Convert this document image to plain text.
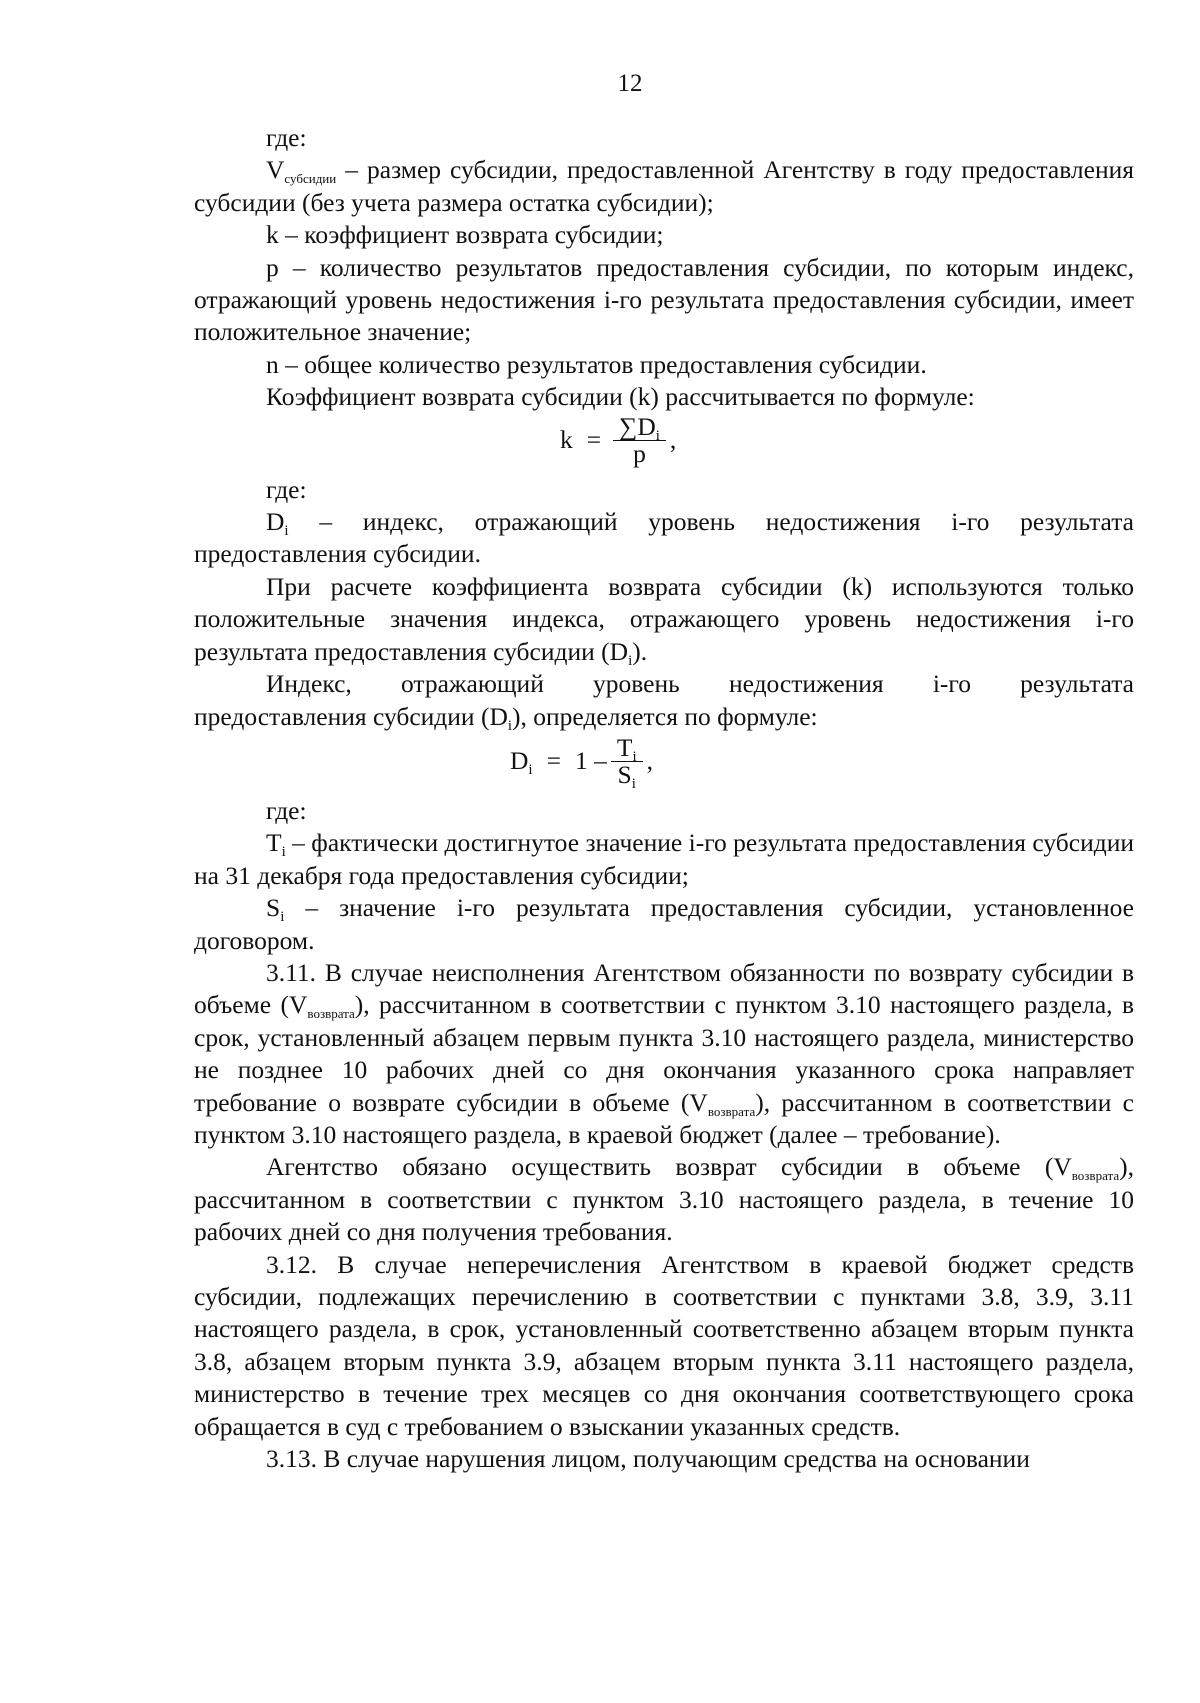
12

где:

$V_{субсидии}$ – размер субсидии, предоставленной Агентству в году предоставления субсидии (без учета размера остатка субсидии);

k – коэффициент возврата субсидии;

p – количество результатов предоставления субсидии, по которым индекс, отражающий уровень недостижения i-го результата предоставления субсидии, имеет положительное значение;

n – общее количество результатов предоставления субсидии.

Коэффициент возврата субсидии (k) рассчитывается по формуле:

$k = \frac{\sum D_i}{p}$ ,

где:

$D_i$ – индекс, отражающий уровень недостижения i-го результата предоставления субсидии.

При расчете коэффициента возврата субсидии (k) используются только положительные значения индекса, отражающего уровень недостижения i-го результата предоставления субсидии $(D_i)$.

Индекс, отражающий уровень недостижения i-го результата

предоставления субсидии $(D_i)$, определяется по формуле:

$D_i = 1 - \frac{T_i}{S_i}$ ,

где:

$T_i$ – фактически достигнутое значение i-го результата предоставления субсидии на 31 декабря года предоставления субсидии;

$S_i$ – значение i-го результата предоставления субсидии, установленное договором.

3.11. В случае неисполнения Агентством обязанности по возврату субсидии в объеме $(V_{возврата})$, рассчитанном в соответствии с пунктом 3.10 настоящего раздела, в срок, установленный абзацем первым пункта 3.10 настоящего раздела, министерство не позднее 10 рабочих дней со дня окончания указанного срока направляет требование о возврате субсидии в объеме $(V_{возврата})$, рассчитанном в соответствии с пунктом 3.10 настоящего раздела, в краевой бюджет (далее – требование).

Агентство обязано осуществить возврат субсидии в объеме $(V_{возврата})$, рассчитанном в соответствии с пунктом 3.10 настоящего раздела, в течение 10 рабочих дней со дня получения требования.

3.12. В случае неперечисления Агентством в краевой бюджет средств субсидии, подлежащих перечислению в соответствии с пунктами 3.8, 3.9, 3.11 настоящего раздела, в срок, установленный соответственно абзацем вторым пункта 3.8, абзацем вторым пункта 3.9, абзацем вторым пункта 3.11 настоящего раздела, министерство в течение трех месяцев со дня окончания соответствующего срока обращается в суд с требованием о взыскании указанных средств.

3.13. В случае нарушения лицом, получающим средства на основании
